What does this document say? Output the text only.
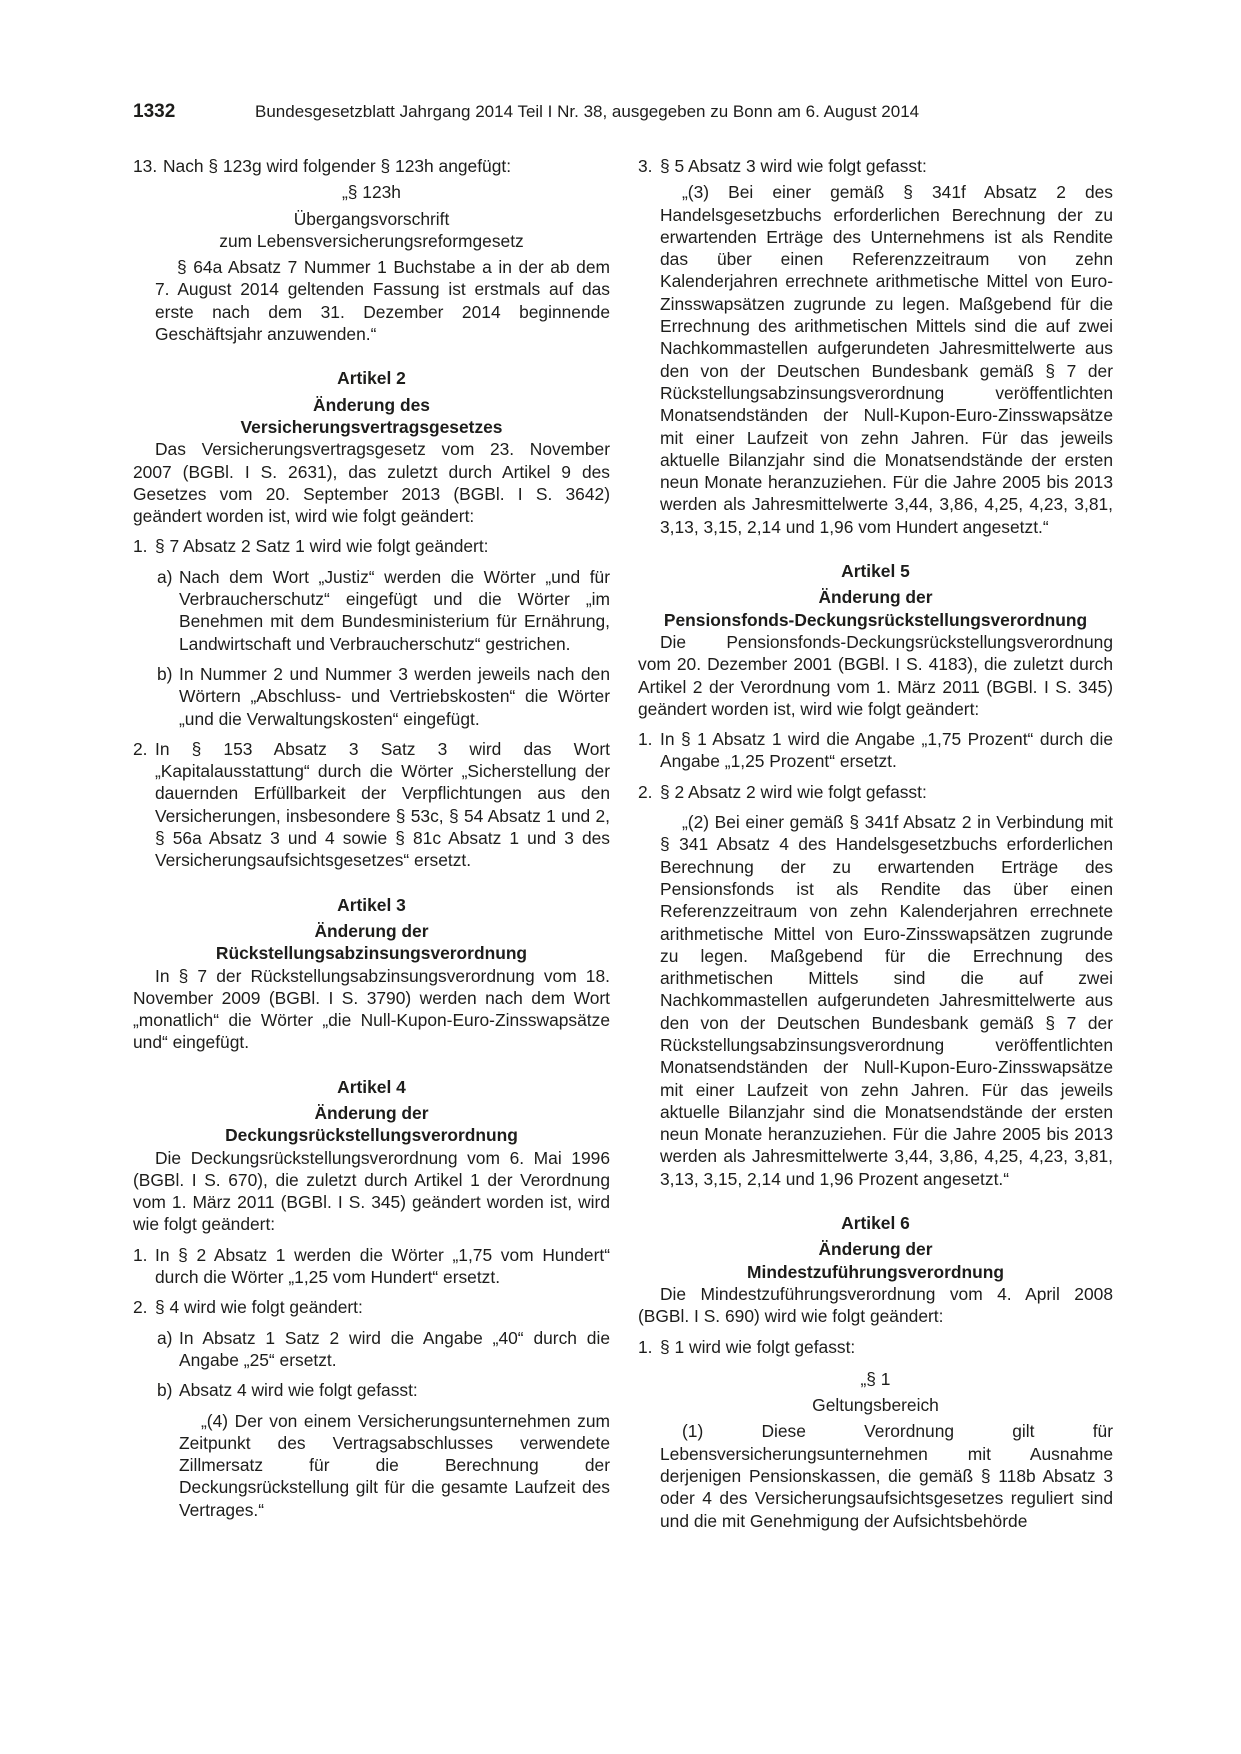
1332	Bundesgesetzblatt Jahrgang 2014 Teil I Nr. 38, ausgegeben zu Bonn am 6. August 2014
13. Nach § 123g wird folgender § 123h angefügt:

„§ 123h

Übergangsvorschrift

zum Lebensversicherungsreformgesetz

§ 64a Absatz 7 Nummer 1 Buchstabe a in der ab dem 7. August 2014 geltenden Fassung ist erstmals auf das erste nach dem 31. Dezember 2014 beginnende Geschäftsjahr anzuwenden.“

Artikel 2

Änderung des

Versicherungsvertragsgesetzes

Das Versicherungsvertragsgesetz vom 23. November 2007 (BGBl. I S. 2631), das zuletzt durch Artikel 9 des Gesetzes vom 20. September 2013 (BGBl. I S. 3642) geändert worden ist, wird wie folgt geändert:

1. § 7 Absatz 2 Satz 1 wird wie folgt geändert:
a) Nach dem Wort „Justiz“ werden die Wörter „und für Verbraucherschutz“ eingefügt und die Wörter „im Benehmen mit dem Bundesministerium für Ernährung, Landwirtschaft und Verbraucherschutz“ gestrichen.
b) In Nummer 2 und Nummer 3 werden jeweils nach den Wörtern „Abschluss- und Vertriebskosten“ die Wörter „und die Verwaltungskosten“ eingefügt.
2. In § 153 Absatz 3 Satz 3 wird das Wort „Kapitalausstattung“ durch die Wörter „Sicherstellung der dauernden Erfüllbarkeit der Verpflichtungen aus den Versicherungen, insbesondere § 53c, § 54 Absatz 1 und 2, § 56a Absatz 3 und 4 sowie § 81c Absatz 1 und 3 des Versicherungsaufsichtsgesetzes“ ersetzt.

Artikel 3

Änderung der

Rückstellungsabzinsungsverordnung

In § 7 der Rückstellungsabzinsungsverordnung vom 18. November 2009 (BGBl. I S. 3790) werden nach dem Wort „monatlich“ die Wörter „die Null-Kupon-Euro-Zinsswapsätze und“ eingefügt.

Artikel 4

Änderung der

Deckungsrückstellungsverordnung

Die Deckungsrückstellungsverordnung vom 6. Mai 1996 (BGBl. I S. 670), die zuletzt durch Artikel 1 der Verordnung vom 1. März 2011 (BGBl. I S. 345) geändert worden ist, wird wie folgt geändert:

1. In § 2 Absatz 1 werden die Wörter „1,75 vom Hundert“ durch die Wörter „1,25 vom Hundert“ ersetzt.
2. § 4 wird wie folgt geändert:
a) In Absatz 1 Satz 2 wird die Angabe „40“ durch die Angabe „25“ ersetzt.
b) Absatz 4 wird wie folgt gefasst:

„(4) Der von einem Versicherungsunternehmen zum Zeitpunkt des Vertragsabschlusses verwendete Zillmersatz für die Berechnung der Deckungsrückstellung gilt für die gesamte Laufzeit des Vertrages.“

3. § 5 Absatz 3 wird wie folgt gefasst:

„(3) Bei einer gemäß § 341f Absatz 2 des Handelsgesetzbuchs erforderlichen Berechnung der zu erwartenden Erträge des Unternehmens ist als Rendite das über einen Referenzzeitraum von zehn Kalenderjahren errechnete arithmetische Mittel von Euro-Zinsswapsätzen zugrunde zu legen. Maßgebend für die Errechnung des arithmetischen Mittels sind die auf zwei Nachkommastellen aufgerundeten Jahresmittelwerte aus den von der Deutschen Bundesbank gemäß § 7 der Rückstellungsabzinsungsverordnung veröffentlichten Monatsendständen der Null-Kupon-Euro-Zinsswapsätze mit einer Laufzeit von zehn Jahren. Für das jeweils aktuelle Bilanzjahr sind die Monatsendstände der ersten neun Monate heranzuziehen. Für die Jahre 2005 bis 2013 werden als Jahresmittelwerte 3,44, 3,86, 4,25, 4,23, 3,81, 3,13, 3,15, 2,14 und 1,96 vom Hundert angesetzt.“

Artikel 5

Änderung der

Pensionsfonds-Deckungsrückstellungsverordnung

Die Pensionsfonds-Deckungsrückstellungsverordnung vom 20. Dezember 2001 (BGBl. I S. 4183), die zuletzt durch Artikel 2 der Verordnung vom 1. März 2011 (BGBl. I S. 345) geändert worden ist, wird wie folgt geändert:

1. In § 1 Absatz 1 wird die Angabe „1,75 Prozent“ durch die Angabe „1,25 Prozent“ ersetzt.
2. § 2 Absatz 2 wird wie folgt gefasst:

„(2) Bei einer gemäß § 341f Absatz 2 in Verbindung mit § 341 Absatz 4 des Handelsgesetzbuchs erforderlichen Berechnung der zu erwartenden Erträge des Pensionsfonds ist als Rendite das über einen Referenzzeitraum von zehn Kalenderjahren errechnete arithmetische Mittel von Euro-Zinsswapsätzen zugrunde zu legen. Maßgebend für die Errechnung des arithmetischen Mittels sind die auf zwei Nachkommastellen aufgerundeten Jahresmittelwerte aus den von der Deutschen Bundesbank gemäß § 7 der Rückstellungsabzinsungsverordnung veröffentlichten Monatsendständen der Null-Kupon-Euro-Zinsswapsätze mit einer Laufzeit von zehn Jahren. Für das jeweils aktuelle Bilanzjahr sind die Monatsendstände der ersten neun Monate heranzuziehen. Für die Jahre 2005 bis 2013 werden als Jahresmittelwerte 3,44, 3,86, 4,25, 4,23, 3,81, 3,13, 3,15, 2,14 und 1,96 Prozent angesetzt.“

Artikel 6

Änderung der

Mindestzuführungsverordnung

Die Mindestzuführungsverordnung vom 4. April 2008 (BGBl. I S. 690) wird wie folgt geändert:

1. § 1 wird wie folgt gefasst:

„§ 1

Geltungsbereich

(1) Diese Verordnung gilt für Lebensversicherungsunternehmen mit Ausnahme derjenigen Pensionskassen, die gemäß § 118b Absatz 3 oder 4 des Versicherungsaufsichtsgesetzes reguliert sind und die mit Genehmigung der Aufsichtsbehörde
